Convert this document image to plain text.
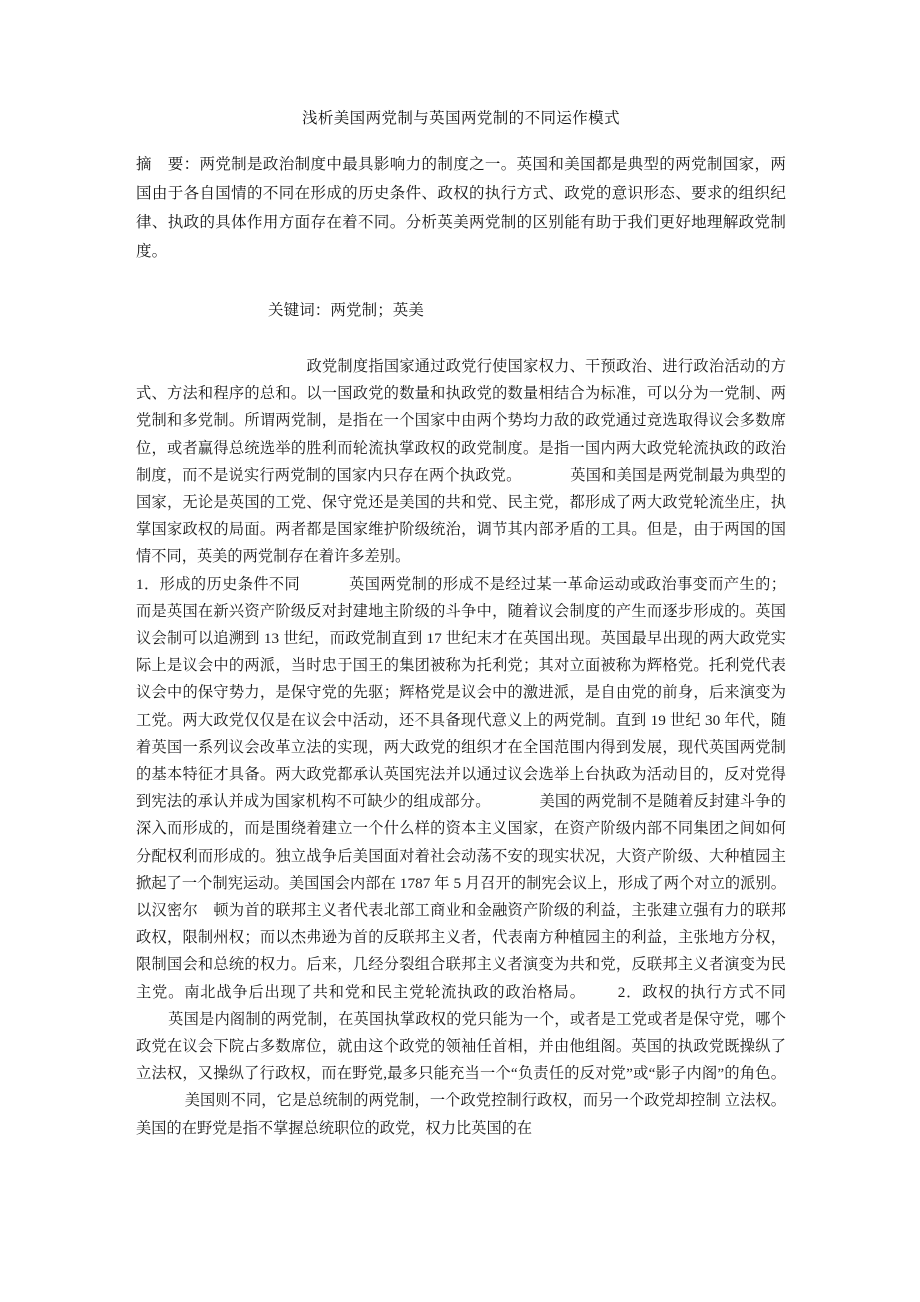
浅析美国两党制与英国两党制的不同运作模式

摘　要：两党制是政治制度中最具影响力的制度之一。英国和美国都是典型的两党制国家，两国由于各自国情的不同在形成的历史条件、政权的执行方式、政党的意识形态、要求的组织纪律、执政的具体作用方面存在着不同。分析英美两党制的区别能有助于我们更好地理解政党制度。

关键词：两党制；英美

政党制度指国家通过政党行使国家权力、干预政治、进行政治活动的方式、方法和程序的总和。以一国政党的数量和执政党的数量相结合为标准，可以分为一党制、两党制和多党制。所谓两党制，是指在一个国家中由两个势均力敌的政党通过竞选取得议会多数席位，或者赢得总统选举的胜利而轮流执掌政权的政党制度。是指一国内两大政党轮流执政的政治制度，而不是说实行两党制的国家内只存在两个执政党。	英国和美国是两党制最为典型的国家，无论是英国的工党、保守党还是美国的共和党、民主党，都形成了两大政党轮流坐庄，执掌国家政权的局面。两者都是国家维护阶级统治，调节其内部矛盾的工具。但是，由于两国的国情不同，英美的两党制存在着许多差别。

1．形成的历史条件不同	英国两党制的形成不是经过某一革命运动或政治事变而产生的；而是英国在新兴资产阶级反对封建地主阶级的斗争中，随着议会制度的产生而逐步形成的。英国议会制可以追溯到 13 世纪，而政党制直到 17 世纪末才在英国出现。英国最早出现的两大政党实际上是议会中的两派，当时忠于国王的集团被称为托利党；其对立面被称为辉格党。托利党代表议会中的保守势力，是保守党的先驱；辉格党是议会中的激进派，是自由党的前身，后来演变为工党。两大政党仅仅是在议会中活动，还不具备现代意义上的两党制。直到 19 世纪 30 年代，随着英国一系列议会改革立法的实现，两大政党的组织才在全国范围内得到发展，现代英国两党制的基本特征才具备。两大政党都承认英国宪法并以通过议会选举上台执政为活动目的，反对党得到宪法的承认并成为国家机构不可缺少的组成部分。	美国的两党制不是随着反封建斗争的深入而形成的，而是围绕着建立一个什么样的资本主义国家，在资产阶级内部不同集团之间如何分配权利而形成的。独立战争后美国面对着社会动荡不安的现实状况，大资产阶级、大种植园主掀起了一个制宪运动。美国国会内部在 1787 年 5 月召开的制宪会议上，形成了两个对立的派别。以汉密尔　顿为首的联邦主义者代表北部工商业和金融资产阶级的利益，主张建立强有力的联邦政权，限制州权；而以杰弗逊为首的反联邦主义者，代表南方种植园主的利益，主张地方分权，限制国会和总统的权力。后来，几经分裂组合联邦主义者演变为共和党，反联邦主义者演变为民主党。南北战争后出现了共和党和民主党轮流执政的政治格局。 2．政权的执行方式不同英国是内阁制的两党制，在英国执掌政权的党只能为一个，或者是工党或者是保守党，哪个政党在议会下院占多数席位，就由这个政党的领袖任首相，并由他组阁。英国的执政党既操纵了立法权，又操纵了行政权，而在野党,最多只能充当一个“负责任的反对党”或“影子内阁”的角色。美国则不同，它是总统制的两党制，一个政党控制行政权，而另一个政党却控制 立法权。美国的在野党是指不掌握总统职位的政党，权力比英国的在
